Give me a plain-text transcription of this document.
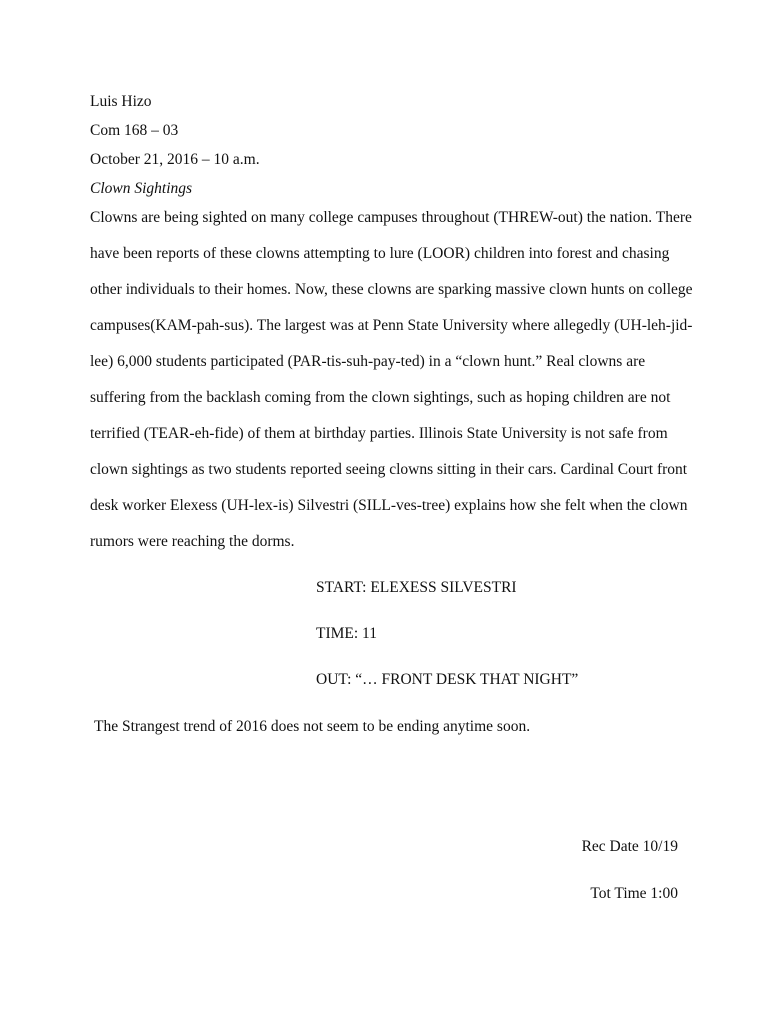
Luis Hizo
Com 168 – 03
October 21, 2016 – 10 a.m.
Clown Sightings
Clowns are being sighted on many college campuses throughout (THREW-out) the nation. There
have been reports of these clowns attempting to lure (LOOR) children into forest and chasing
other individuals to their homes. Now, these clowns are sparking massive clown hunts on college
campuses(KAM-pah-sus). The largest was at Penn State University where allegedly (UH-leh-jid-
lee) 6,000 students participated (PAR-tis-suh-pay-ted) in a “clown hunt.” Real clowns are
suffering from the backlash coming from the clown sightings, such as hoping children are not
terrified (TEAR-eh-fide) of them at birthday parties. Illinois State University is not safe from
clown sightings as two students reported seeing clowns sitting in their cars. Cardinal Court front
desk worker Elexess (UH-lex-is) Silvestri (SILL-ves-tree) explains how she felt when the clown
rumors were reaching the dorms.
START: ELEXESS SILVESTRI
TIME: 11
OUT: “… FRONT DESK THAT NIGHT”
The Strangest trend of 2016 does not seem to be ending anytime soon.
Rec Date 10/19
Tot Time 1:00
